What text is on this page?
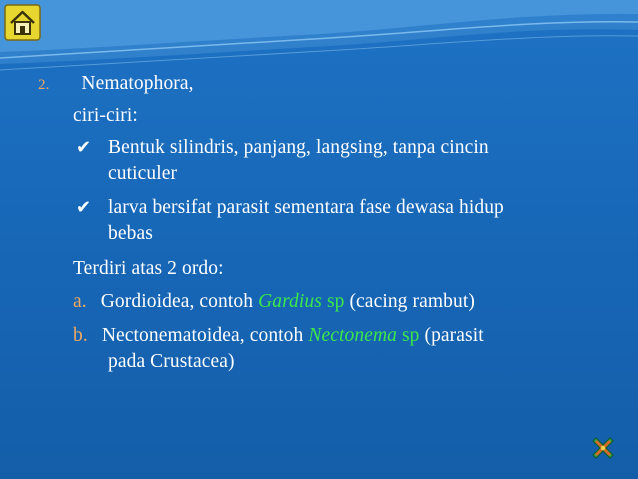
2. Nematophora,
ciri-ciri:
✔ Bentuk silindris, panjang, langsing, tanpa cincin
cuticuler
✔ larva bersifat parasit sementara fase dewasa hidup
bebas
Terdiri atas 2 ordo:
a. Gordioidea, contoh Gardius sp (cacing rambut)
b. Nectonematoidea, contoh Nectonema sp (parasit
pada Crustacea)
